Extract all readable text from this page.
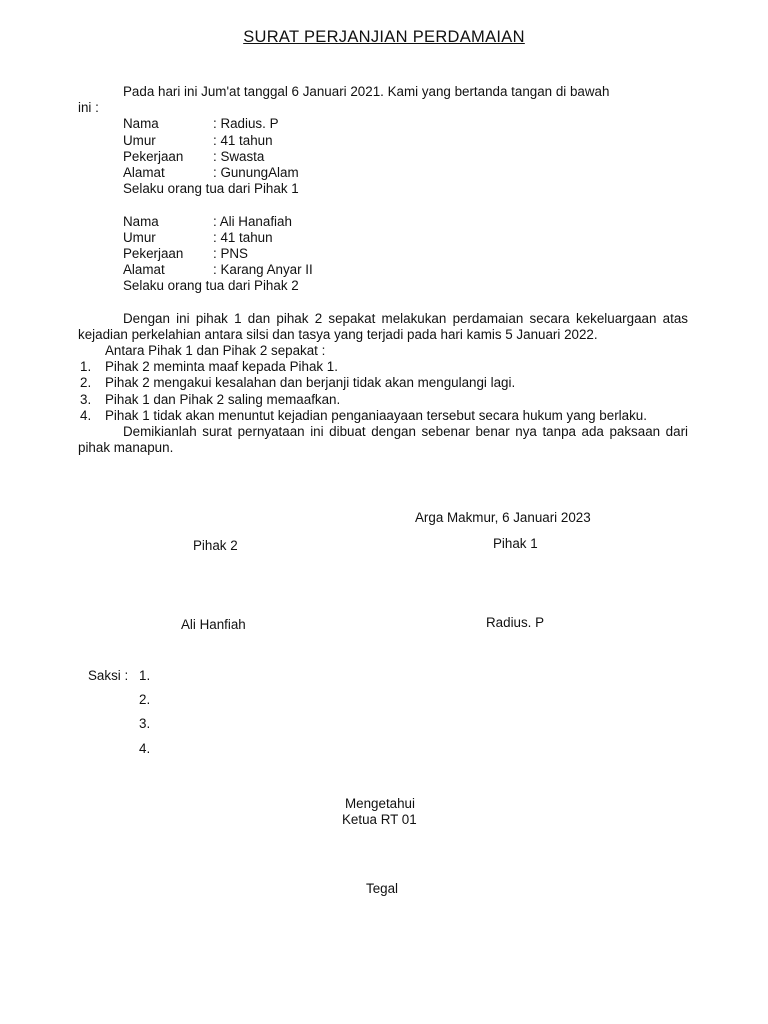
SURAT PERJANJIAN PERDAMAIAN
Pada hari ini Jum'at tanggal 6 Januari 2021. Kami yang bertanda tangan di bawah
ini :
Nama	: Radius. P
Umur	: 41 tahun
Pekerjaan : Swasta
Alamat	: GunungAlam
Selaku orang tua dari Pihak 1
Nama	: Ali Hanafiah
Umur	: 41 tahun
Pekerjaan : PNS
Alamat	: Karang Anyar II
Selaku orang tua dari Pihak 2
Dengan ini pihak 1 dan pihak 2 sepakat melakukan perdamaian secara kekeluargaan atas kejadian perkelahian antara silsi dan tasya yang terjadi pada hari kamis 5 Januari 2022.
Antara Pihak 1 dan Pihak 2 sepakat :
1. Pihak 2 meminta maaf kepada Pihak 1.
2. Pihak 2 mengakui kesalahan dan berjanji tidak akan mengulangi lagi.
3. Pihak 1 dan Pihak 2 saling memaafkan.
4. Pihak 1 tidak akan menuntut kejadian penganiaayaan tersebut secara hukum yang berlaku.
Demikianlah surat pernyataan ini dibuat dengan sebenar benar nya tanpa ada paksaan dari pihak manapun.
Arga Makmur, 6 Januari 2023
Pihak 2	Pihak 1
Ali Hanfiah	Radius. P
Saksi : 1.
2.
3.
4.
Mengetahui
Ketua RT 01
Tegal
